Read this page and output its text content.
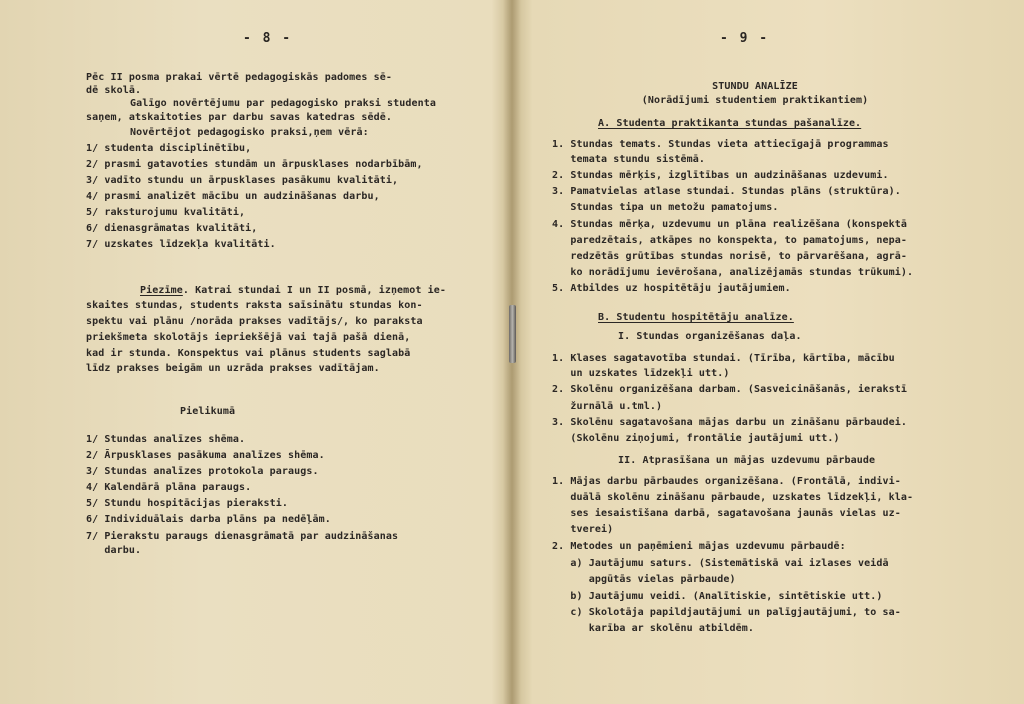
- 8 -
Pēc II posma prakai vērtē pedagogiskās padomes sē-
dē skolā.
Galīgo novērtējumu par pedagogisko praksi studenta
saņem, atskaitoties par darbu savas katedras sēdē.
Novērtējot pedagogisko praksi,ņem vērā:
1/ studenta disciplinētību,
2/ prasmi gatavoties stundām un ārpusklases nodarbībām,
3/ vadīto stundu un ārpusklases pasākumu kvalitāti,
4/ prasmi analizēt mācību un audzināšanas darbu,
5/ raksturojumu kvalitāti,
6/ dienasgrāmatas kvalitāti,
7/ uzskates līdzekļa kvalitāti.
Piezīme. Katrai stundai I un II posmā, izņemot ie-
skaites stundas, students raksta saīsinātu stundas kon-
spektu vai plānu /norāda prakses vadītājs/, ko paraksta
priekšmeta skolotājs iepriekšējā vai tajā pašā dienā,
kad ir stunda. Konspektus vai plānus students saglabā
līdz prakses beigām un uzrāda prakses vadītājam.
Pielikumā
1/ Stundas analīzes shēma.
2/ Ārpusklases pasākuma analīzes shēma.
3/ Stundas analīzes protokola paraugs.
4/ Kalendārā plāna paraugs.
5/ Stundu hospitācijas pieraksti.
6/ Individuālais darba plāns pa nedēļām.
7/ Pierakstu paraugs dienasgrāmatā par audzināšanas
darbu.
- 9 -
STUNDU ANALĪZE
(Norādījumi studentiem praktikantiem)
A. Studenta praktikanta stundas pašanalīze.
1. Stundas temats. Stundas vieta attiecīgajā programmas
temata stundu sistēmā.
2. Stundas mērķis, izglītības un audzināšanas uzdevumi.
3. Pamatvielas atlase stundai. Stundas plāns (struktūra).
Stundas tipa un metožu pamatojums.
4. Stundas mērķa, uzdevumu un plāna realizēšana (konspektā
paredzētais, atkāpes no konspekta, to pamatojums, nepa-
redzētās grūtības stundas norisē, to pārvarēšana, agrā-
ko norādījumu ievērošana, analizējamās stundas trūkumi).
5. Atbildes uz hospitētāju jautājumiem.
B. Studentu hospitētāju analīze.
I. Stundas organizēšanas daļa.
1. Klases sagatavotība stundai. (Tīrība, kārtība, mācību
un uzskates līdzekļi utt.)
2. Skolēnu organizēšana darbam. (Sasveicināšanās, ierakstī
žurnālā u.tml.)
3. Skolēnu sagatavošana mājas darbu un zināšanu pārbaudei.
(Skolēnu ziņojumi, frontālie jautājumi utt.)
II. Atprasīšana un mājas uzdevumu pārbaude
1. Mājas darbu pārbaudes organizēšana. (Frontālā, indivi-
duālā skolēnu zināšanu pārbaude, uzskates līdzekļi, kla-
ses iesaistīšana darbā, sagatavošana jaunās vielas uz-
tverei)
2. Metodes un paņēmieni mājas uzdevumu pārbaudē:
a) Jautājumu saturs. (Sistemātiskā vai izlases veidā
apgūtās vielas pārbaude)
b) Jautājumu veidi. (Analītiskie, sintētiskie utt.)
c) Skolotāja papildjautājumi un palīgjautājumi, to sa-
karība ar skolēnu atbildēm.
